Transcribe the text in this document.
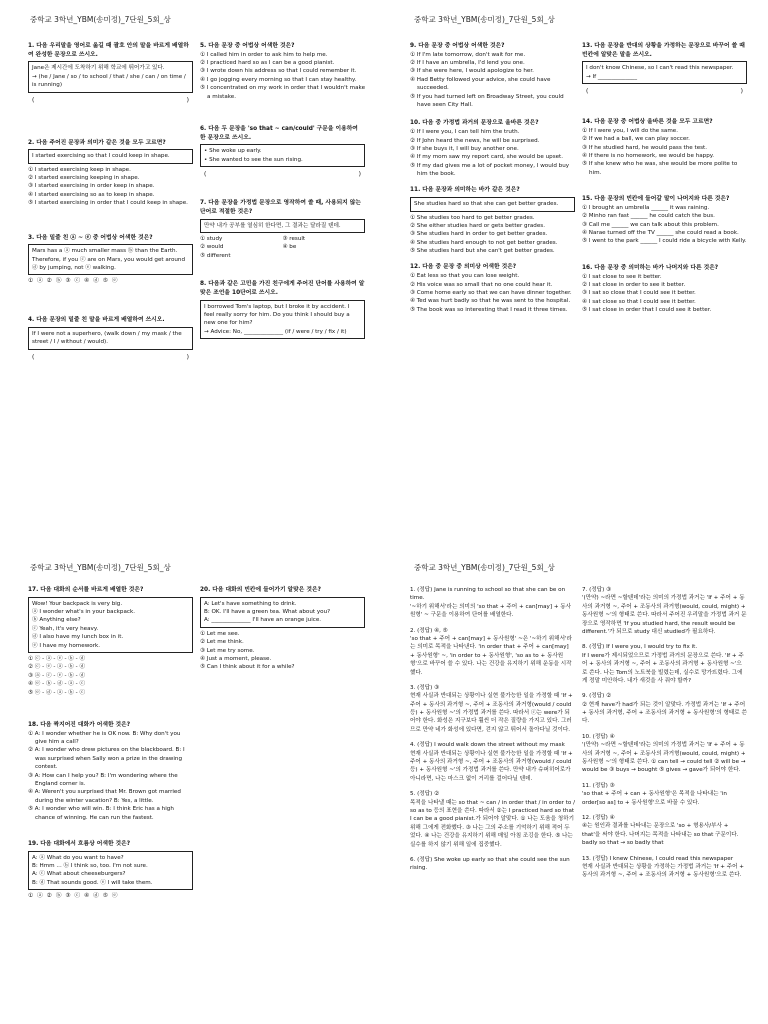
중학교 3학년_YBM(송미정)_7단원_5회_상
1. 다음 우리말을 영어로 옮길 때 괄호 안의 말을 바르게 배열하여 완성한 문장으로 쓰시오.
Jane은 제시간에 도착하기 위해 학교에 뛰어가고 있다.
→ (he / Jane / so / to school / that / she / can / on time / is running)
(	)
2. 다음 주어진 문장과 의미가 같은 것을 모두 고르면?
I started exercising so that I could keep in shape.
① I started exercising keep in shape.
② I started exercising keeping in shape.
③ I started exercising in order keep in shape.
④ I started exercising so as to keep in shape.
⑤ I started exercising in order that I could keep in shape.
3. 다음 밑줄 친 ⓐ ~ ⓔ 중 어법상 어색한 것은?
Mars has a ⓐ much smaller mass ⓑ than the Earth. Therefore, if you ⓒ are on Mars, you would get around ⓓ by jumping, not ⓔ walking.
① ⓐ ② ⓑ ③ ⓒ ④ ⓓ ⑤ ⓔ
4. 다음 문장의 밑줄 친 말을 바르게 배열하여 쓰시오.
If I were not a superhero, (walk down / my mask / the street / I / without / would).
(	)
5. 다음 문장 중 어법상 어색한 것은?
① I called him in order to ask him to help me.
② I practiced hard so as I can be a good pianist.
③ I wrote down his address so that I could remember it.
④ I go jogging every morning so that I can stay healthy.
⑤ I concentrated on my work in order that I wouldn't make a mistake.
6. 다음 두 문장을 'so that ~ can/could' 구문을 이용하여 한 문장으로 쓰시오.
• She woke up early.
• She wanted to see the sun rising.
(	)
7. 다음 문장을 가정법 문장으로 영작하여 쓸 때, 사용되지 않는 단어로 적절한 것은?
만약 내가 공부를 열심히 한다면, 그 결과는 달라질 텐데.
① study	③ result
② would	④ be
⑤ different
8. 다음과 같은 고민을 가진 친구에게 주어진 단어를 사용하여 알맞은 조언을 10단어로 쓰시오.
I borrowed Tom's laptop, but I broke it by accident. I feel really sorry for him. Do you think I should buy a new one for him?
→ Advice: No, ______________ (if / were / try / fix / it)
중학교 3학년_YBM(송미정)_7단원_5회_상
9. 다음 문장 중 어법상 어색한 것은?
① If I'm late tomorrow, don't wait for me.
② If I have an umbrella, I'd lend you one.
③ If she were here, I would apologize to her.
④ Had Betty followed your advice, she could have succeeded.
⑤ If you had turned left on Broadway Street, you could have seen City Hall.
10. 다음 중 가정법 과거의 문장으로 올바른 것은?
① If I were you, I can tell him the truth.
② If John heard the news, he will be surprised.
③ If she buys it, I will buy another one.
④ If my mom saw my report card, she would be upset.
⑤ If my dad gives me a lot of pocket money, I would buy him the book.
11. 다음 문장과 의미하는 바가 같은 것은?
She studies hard so that she can get better grades.
① She studies too hard to get better grades.
② She either studies hard or gets better grades.
③ She studies hard in order to get better grades.
④ She studies hard enough to not get better grades.
⑤ She studies hard but she can't get better grades.
12. 다음 중 문장 중 의미상 어색한 것은?
① Eat less so that you can lose weight.
② His voice was so small that no one could hear it.
③ Come home early so that we can have dinner together.
④ Ted was hurt badly so that he was sent to the hospital.
⑤ The book was so interesting that I read it three times.
13. 다음 문장을 반대의 상황을 가정하는 문장으로 바꾸어 쓸 때 빈칸에 알맞은 말을 쓰시오.
I don't know Chinese, so I can't read this newspaper.
→ If ______________
(	)
14. 다음 문장 중 어법상 올바른 것을 모두 고르면?
① If I were you, I will do the same.
② If we had a ball, we can play soccer.
③ If he studied hard, he would pass the test.
④ If there is no homework, we would be happy.
⑤ If she knew who he was, she would be more polite to him.
15. 다음 문장의 빈칸에 들어갈 말이 나머지와 다른 것은?
① I brought an umbrella ______ it was raining.
② Minho ran fast ______ he could catch the bus.
③ Call me ______ we can talk about this problem.
④ Narae turned off the TV ______ she could read a book.
⑤ I went to the park ______ I could ride a bicycle with Kelly.
16. 다음 문장 중 의미하는 바가 나머지와 다른 것은?
① I sat close to see it better.
② I sat close in order to see it better.
③ I sat so close that I could see it better.
④ I sat close so that I could see it better.
⑤ I sat close in order that I could see it better.
중학교 3학년_YBM(송미정)_7단원_5회_상
17. 다음 대화의 순서를 바르게 배열한 것은?
Wow! Your backpack is very big.
ⓐ I wonder what's in your backpack.
ⓑ Anything else?
ⓒ Yeah, it's very heavy.
ⓓ I also have my lunch box in it.
ⓔ I have my homework.
① ⓒ - ⓐ - ⓔ - ⓑ - ⓓ
② ⓒ - ⓔ - ⓐ - ⓑ - ⓓ
③ ⓐ - ⓒ - ⓔ - ⓑ - ⓓ
④ ⓔ - ⓑ - ⓓ - ⓐ - ⓒ
⑤ ⓔ - ⓓ - ⓐ - ⓑ - ⓒ
18. 다음 짝지어진 대화가 어색한 것은?
① A: I wonder whether he is OK now. B: Why don't you give him a call?
② A: I wonder who drew pictures on the blackboard. B: I was surprised when Sally won a prize in the drawing contest.
③ A: How can I help you? B: I'm wondering where the England corner is.
④ A: Weren't you surprised that Mr. Brown got married during the winter vacation? B: Yes, a little.
⑤ A: I wonder who will win. B: I think Eric has a high chance of winning. He can run the fastest.
19. 다음 대화에서 흐름상 어색한 것은?
A: ⓐ What do you want to have?
B: Hmm ... ⓑ I think so, too. I'm not sure.
A: ⓒ What about cheeseburgers?
B: ⓓ That sounds good. ⓔ I will take them.
① ⓐ ② ⓑ ③ ⓒ ④ ⓓ ⑤ ⓔ
20. 다음 대화의 빈칸에 들어가기 알맞은 것은?
A: Let's have something to drink.
B: OK. I'll have a green tea. What about you?
A: ______________ I'll have an orange juice.
① Let me see.
② Let me think.
③ Let me try some.
④ Just a moment, please.
⑤ Can I think about it for a while?
중학교 3학년_YBM(송미정)_7단원_5회_상
1. (정답) Jane is running to school so that she can be on time.
'~하기 위해서'라는 의미의 'so that + 주어 + can[may] + 동사원형' ~ 구문을 이용하여 단어를 배열한다.
2. (정답) ④, ⑤
'so that + 주어 + can[may] + 동사원형' ~은 '~하기 위해서'라는 의미로 목적을 나타낸다. 'in order that + 주어 + can[may] + 동사원형' ~, 'in order to + 동사원형', 'so as to + 동사원형'으로 바꾸어 쓸 수 있다. 나는 건강을 유지하기 위해 운동을 시작했다.
3. (정답) ③
현재 사실과 반대되는 상황이나 실현 불가능한 일을 가정할 때 'If + 주어 + 동사의 과거형 ~, 주어 + 조동사의 과거형(would / could 등) + 동사원형 ~'의 가정법 과거를 쓴다. 따라서 ⓒ는 were가 되어야 한다. 화성은 지구보다 훨씬 더 작은 질량을 가지고 있다. 그러므로 만약 네가 화성에 있다면, 걷지 않고 뛰어서 돌아다닐 것이다.
4. (정답) I would walk down the street without my mask
현재 사실과 반대되는 상황이나 실현 불가능한 일을 가정할 때 'If + 주어 + 동사의 과거형 ~, 주어 + 조동사의 과거형(would / could 등) + 동사원형 ~'의 가정법 과거를 쓴다. 만약 내가 슈퍼히어로가 아니라면, 나는 마스크 없이 거리를 걸어다닐 텐데.
5. (정답) ②
목적을 나타낼 때는 so that ~ can / in order that / in order to / so as to 등의 표현을 쓴다. 따라서 ②는 I practiced hard so that I can be a good pianist.가 되어야 알맞다. ① 나는 도움을 청하기 위해 그에게 전화했다. ③ 나는 그의 주소를 기억하기 위해 적어 두었다. ④ 나는 건강을 유지하기 위해 매일 아침 조깅을 한다. ⑤ 나는 실수를 하지 않기 위해 일에 집중했다.
6. (정답) She woke up early so that she could see the sun rising.
7. (정답) ③
'(만약) ~라면 ~할텐데'라는 의미의 가정법 과거는 'If + 주어 + 동사의 과거형 ~, 주어 + 조동사의 과거형(would, could, might) + 동사원형 ~'의 형태로 쓴다. 따라서 주어진 우리말을 가정법 과거 문장으로 영작하면 'If you studied hard, the result would be different.'가 되므로 study 대신 studied가 필요하다.
8. (정답) If I were you, I would try to fix it.
If I were가 제시되었으므로 가정법 과거의 문장으로 쓴다. 'If + 주어 + 동사의 과거형 ~, 주어 + 조동사의 과거형 + 동사원형 ~'으로 쓴다. 나는 Tom의 노트북을 빌렸는데, 실수로 망가뜨렸다. 그에게 정말 미안하다. 내가 새것을 사 줘야 할까?
9. (정답) ②
② 현재 have가 had가 되는 것이 알맞다. 가정법 과거는 'If + 주어 + 동사의 과거형, 주어 + 조동사의 과거형 + 동사원형'의 형태로 쓴다.
10. (정답) ④
'(만약) ~라면 ~할텐데'라는 의미의 가정법 과거는 'If + 주어 + 동사의 과거형 ~, 주어 + 조동사의 과거형(would, could, might) + 동사원형 ~'의 형태로 쓴다. ① can tell → could tell ② will be → would be ③ buys → bought ⑤ gives → gave가 되어야 한다.
11. (정답) ③
'so that + 주어 + can + 동사원형'은 목적을 나타내는 'in order[so as] to + 동사원형'으로 바꿀 수 있다.
12. (정답) ④
④는 원인과 결과를 나타내는 문장으로 'so + 형용사/부사 + that'을 써야 한다. 나머지는 목적을 나타내는 so that 구문이다. badly so that → so badly that
13. (정답) I knew Chinese, I could read this newspaper
현재 사실과 반대되는 상황을 가정하는 가정법 과거는 'If + 주어 + 동사의 과거형 ~, 주어 + 조동사의 과거형 + 동사원형'으로 쓴다.
